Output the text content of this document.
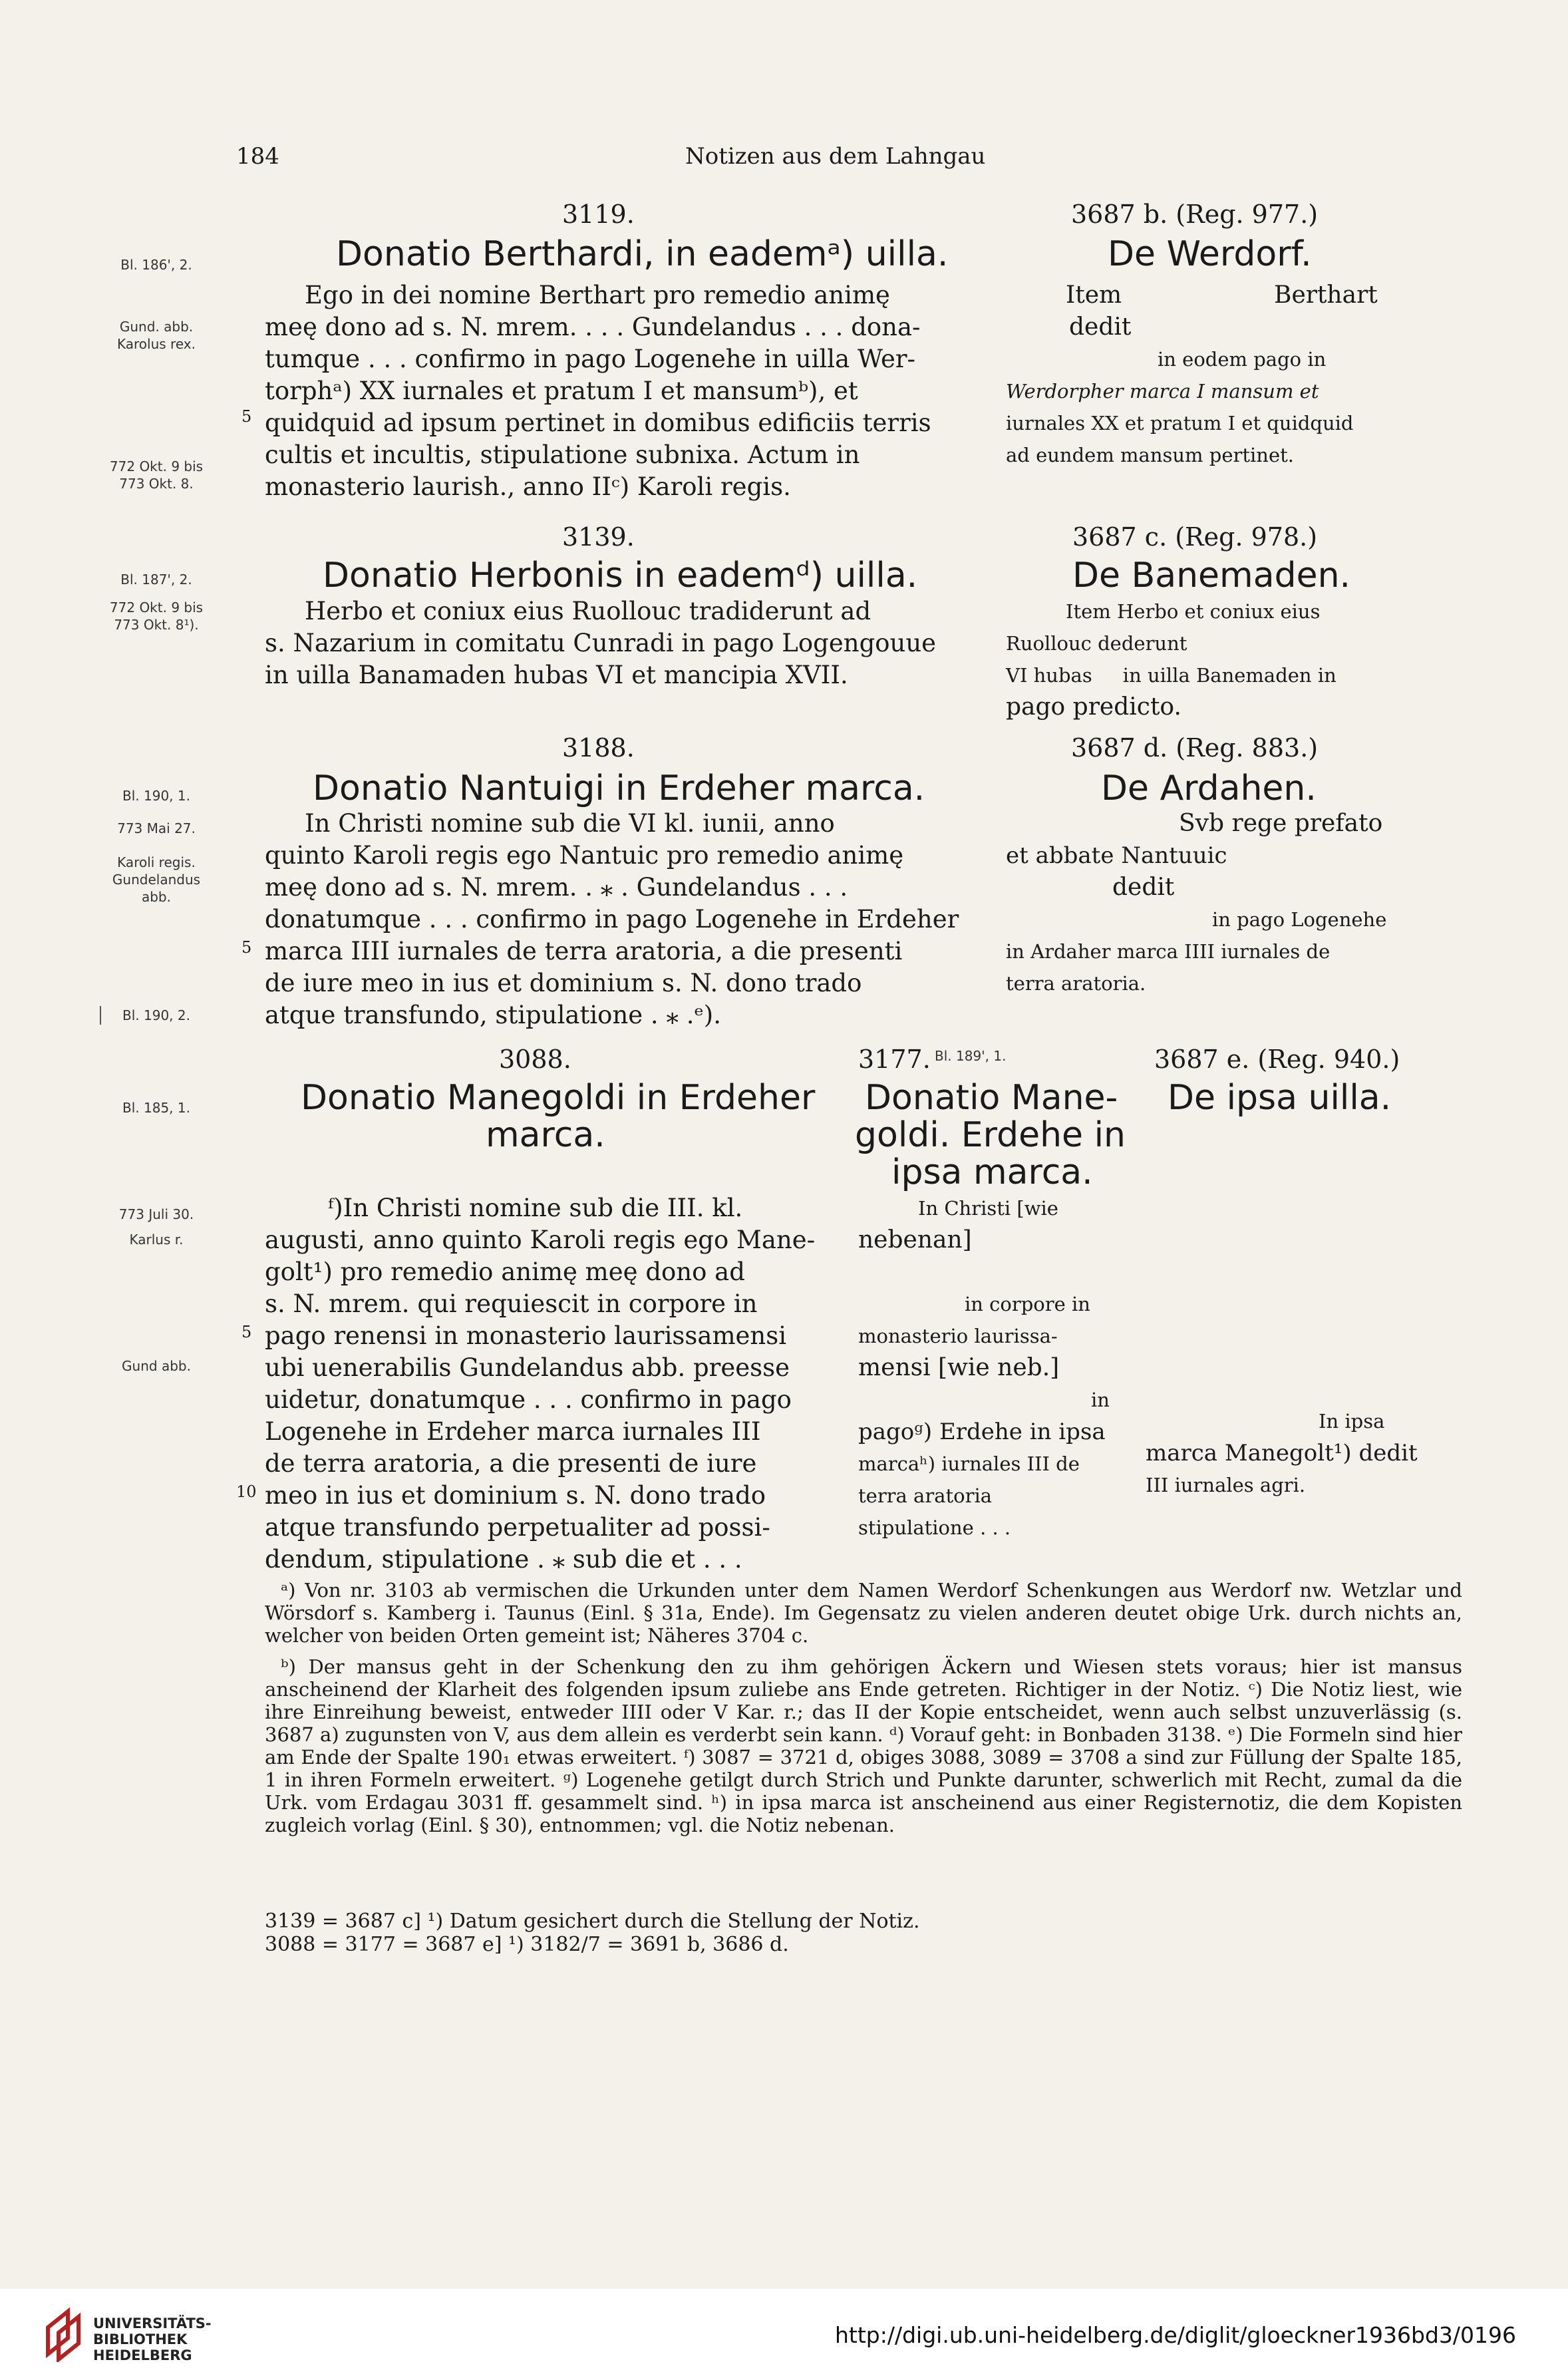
184	Notizen aus dem Lahngau
Bl. 186', 2.
Gund. abb.
Karolus rex.
772 Okt. 9 bis
773 Okt. 8.
Bl. 187', 2.
772 Okt. 9 bis
773 Okt. 8¹).
Bl. 190, 1.
773 Mai 27.
Karoli regis.
Gundelandus
abb.
Bl. 190, 2.
Bl. 185, 1.
773 Juli 30.
Karlus r.
Gund abb.
5
5
5
10
3119.
Donatio Berthardi, in eademᵃ) uilla.

Ego in dei nomine Berthart pro remedio animę

meę dono ad s. N. mrem. . . . Gundelandus . . . dona-

tumque . . . confirmo in pago Logenehe in uilla Wer-

torphᵃ) XX iurnales et pratum I et mansumᵇ), et

quidquid ad ipsum pertinet in domibus edificiis terris

cultis et incultis, stipulatione subnixa. Actum in

monasterio laurish., anno IIᶜ) Karoli regis.

3687 b. (Reg. 977.)
De Werdorf.

Item                    Berthart

dedit

in eodem pago in

Werdorpher marca I mansum et

iurnales XX et pratum I et quidquid

ad eundem mansum pertinet.

3139.
Donatio Herbonis in eademᵈ) uilla.

Herbo et coniux eius Ruollouc tradiderunt ad

s. Nazarium in comitatu Cunradi in pago Logengouue

in uilla Banamaden hubas VI et mancipia XVII.

3687 c. (Reg. 978.)
De Banemaden.

Item Herbo et coniux eius

Ruollouc dederunt

VI hubas     in uilla Banemaden in

pago predicto.

3188.
Donatio Nantuigi in Erdeher marca.

In Christi nomine sub die VI kl. iunii, anno

quinto Karoli regis ego Nantuic pro remedio animę

meę dono ad s. N. mrem. . ⁎ . Gundelandus . . .

donatumque . . . confirmo in pago Logenehe in Erdeher

marca IIII iurnales de terra aratoria, a die presenti

de iure meo in ius et dominium s. N. dono trado

atque transfundo, stipulatione . ⁎ .ᵉ).

3687 d. (Reg. 883.)
De Ardahen.

Svb rege prefato

et abbate Nantuuic

dedit

in pago Logenehe

in Ardaher marca IIII iurnales de

terra aratoria.

3088.
Donatio Manegoldi in Erdeher
marca.

ᶠ)In Christi nomine sub die III. kl.

augusti, anno quinto Karoli regis ego Mane-

golt¹) pro remedio animę meę dono ad

s. N. mrem. qui requiescit in corpore in

pago renensi in monasterio laurissamensi

ubi uenerabilis Gundelandus abb. preesse

uidetur, donatumque . . . confirmo in pago

Logenehe in Erdeher marca iurnales III

de terra aratoria, a die presenti de iure

meo in ius et dominium s. N. dono trado

atque transfundo perpetualiter ad possi-

dendum, stipulatione . ⁎ sub die et . . .

3177. Bl. 189', 1.
Donatio Mane-
goldi. Erdehe in
ipsa marca.

In Christi [wie

nebenan]

in corpore in

monasterio laurissa-

mensi [wie neb.]

in

pagoᵍ) Erdehe in ipsa

marcaʰ) iurnales III de

terra aratoria

stipulatione . . .

3687 e. (Reg. 940.)
De ipsa uilla.

In ipsa

marca Manegolt¹) dedit

III iurnales agri.

ᵃ) Von nr. 3103 ab vermischen die Urkunden unter dem Namen Werdorf Schenkungen aus Werdorf nw. Wetzlar und Wörsdorf s. Kamberg i. Taunus (Einl. § 31a, Ende). Im Gegensatz zu vielen anderen deutet obige Urk. durch nichts an, welcher von beiden Orten gemeint ist; Näheres 3704 c.
ᵇ) Der mansus geht in der Schenkung den zu ihm gehörigen Äckern und Wiesen stets voraus; hier ist mansus anscheinend der Klarheit des folgenden ipsum zuliebe ans Ende getreten. Richtiger in der Notiz. ᶜ) Die Notiz liest, wie ihre Einreihung beweist, entweder IIII oder V Kar. r.; das II der Kopie entscheidet, wenn auch selbst unzuverlässig (s. 3687 a) zugunsten von V, aus dem allein es verderbt sein kann. ᵈ) Vorauf geht: in Bonbaden 3138. ᵉ) Die Formeln sind hier am Ende der Spalte 190₁ etwas erweitert. ᶠ) 3087 = 3721 d, obiges 3088, 3089 = 3708 a sind zur Füllung der Spalte 185, 1 in ihren Formeln erweitert. ᵍ) Logenehe getilgt durch Strich und Punkte darunter, schwerlich mit Recht, zumal da die Urk. vom Erdagau 3031 ff. gesammelt sind. ʰ) in ipsa marca ist anscheinend aus einer Registernotiz, die dem Kopisten zugleich vorlag (Einl. § 30), entnommen; vgl. die Notiz nebenan.
3139 = 3687 c] ¹) Datum gesichert durch die Stellung der Notiz.
3088 = 3177 = 3687 e] ¹) 3182/7 = 3691 b, 3686 d.
UNIVERSITÄTS-
BIBLIOTHEK
HEIDELBERG
http://digi.ub.uni-heidelberg.de/diglit/gloeckner1936bd3/0196
